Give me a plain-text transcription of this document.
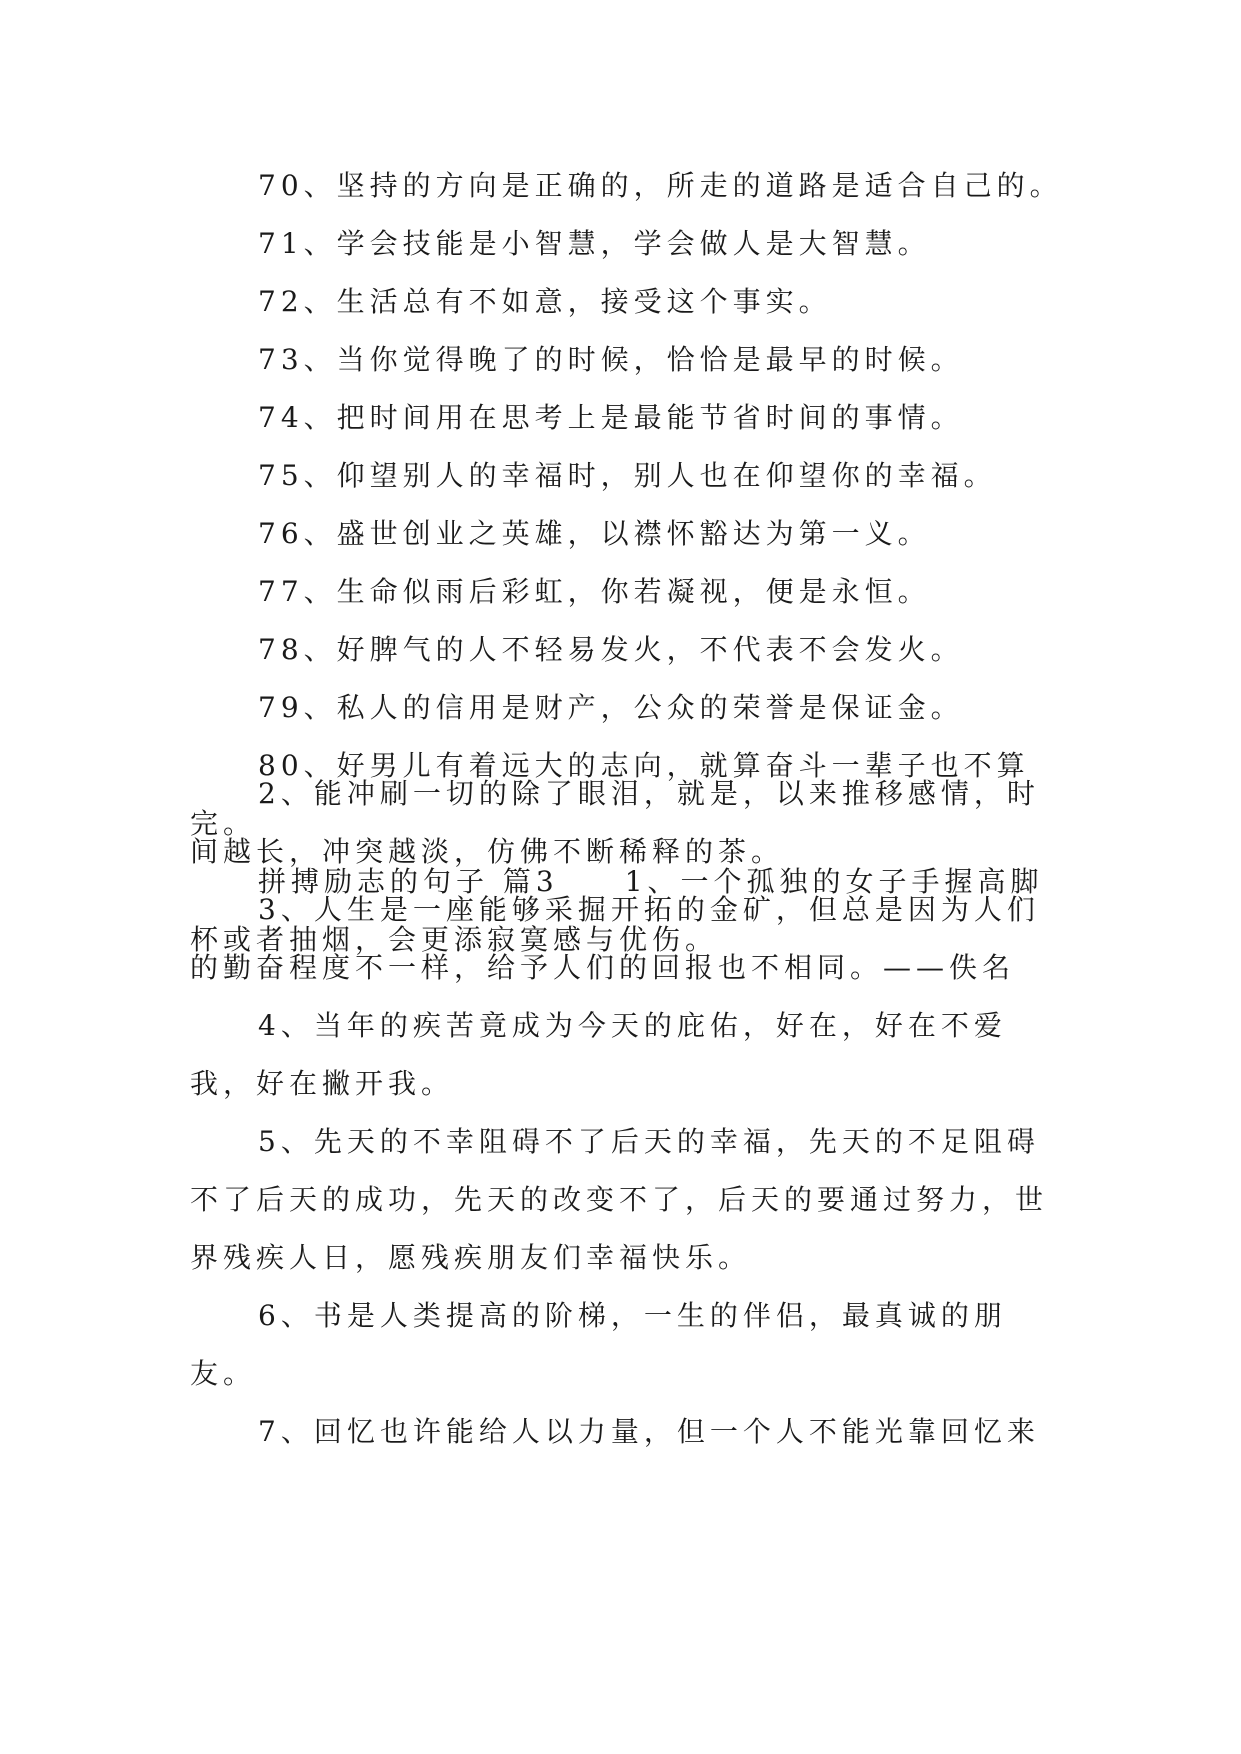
70、坚持的方向是正确的，所走的道路是适合自己的。

71、学会技能是小智慧，学会做人是大智慧。

72、生活总有不如意，接受这个事实。

73、当你觉得晚了的时候，恰恰是最早的时候。

74、把时间用在思考上是最能节省时间的事情。

75、仰望别人的幸福时，别人也在仰望你的幸福。

76、盛世创业之英雄，以襟怀豁达为第一义。

77、生命似雨后彩虹，你若凝视，便是永恒。

78、好脾气的人不轻易发火，不代表不会发火。

79、私人的信用是财产，公众的荣誉是保证金。

80、好男儿有着远大的志向，就算奋斗一辈子也不算完。

拼搏励志的句子 篇3   1、一个孤独的女子手握高脚杯或者抽烟，会更添寂寞感与优伤。

2、能冲刷一切的除了眼泪，就是，以来推移感情，时间越长，冲突越淡，仿佛不断稀释的茶。

3、人生是一座能够采掘开拓的金矿，但总是因为人们的勤奋程度不一样，给予人们的回报也不相同。——佚名

4、当年的疾苦竟成为今天的庇佑，好在，好在不爱我，好在撇开我。

5、先天的不幸阻碍不了后天的幸福，先天的不足阻碍不了后天的成功，先天的改变不了，后天的要通过努力，世界残疾人日，愿残疾朋友们幸福快乐。

6、书是人类提高的阶梯，一生的伴侣，最真诚的朋友。

7、回忆也许能给人以力量，但一个人不能光靠回忆来
